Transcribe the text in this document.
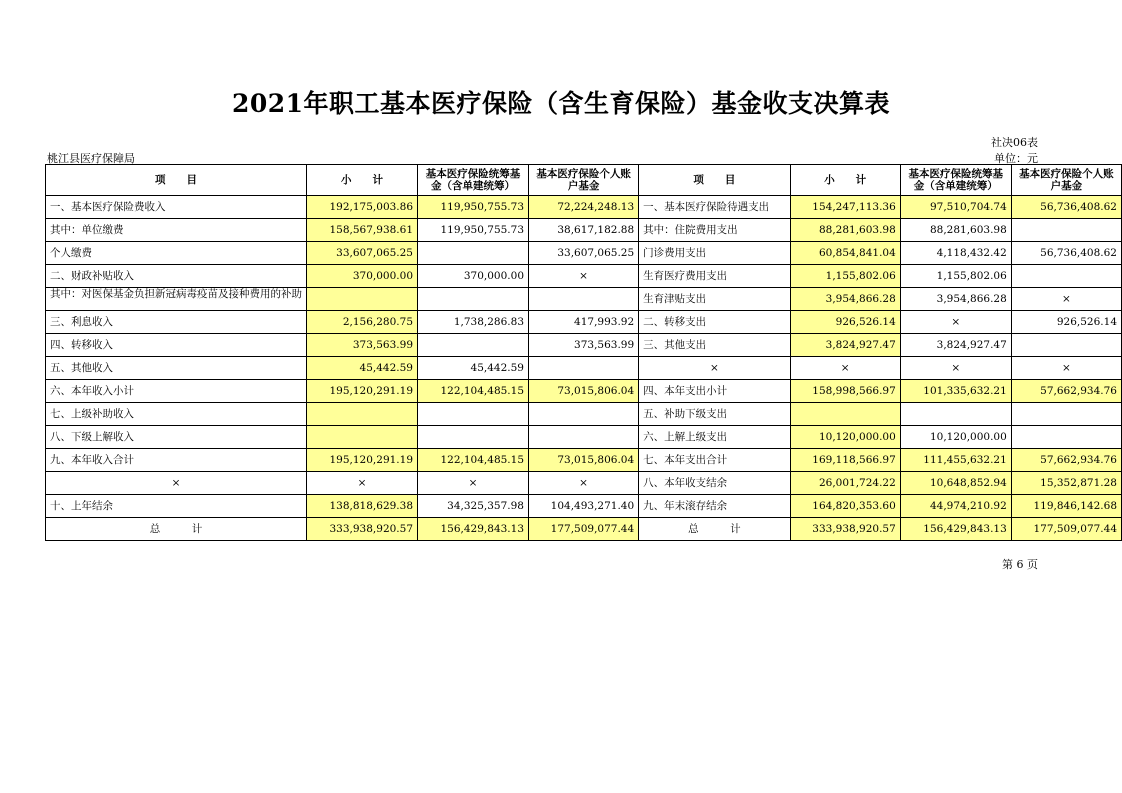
2021年职工基本医疗保险（含生育保险）基金收支决算表
社决06表
桃江县医疗保障局	单位：元
项　　目	小　　计	基本医疗保险统筹基金（含单建统筹）	基本医疗保险个人账户基金	项　　目	小　　计	基本医疗保险统筹基金（含单建统筹）	基本医疗保险个人账户基金
一、基本医疗保险费收入	192,175,003.86	119,950,755.73	72,224,248.13	一、基本医疗保险待遇支出	154,247,113.36	97,510,704.74	56,736,408.62
其中：单位缴费	158,567,938.61	119,950,755.73	38,617,182.88	其中：住院费用支出	88,281,603.98	88,281,603.98	
个人缴费	33,607,065.25		33,607,065.25	门诊费用支出	60,854,841.04	4,118,432.42	56,736,408.62
二、财政补贴收入	370,000.00	370,000.00	×	生育医疗费用支出	1,155,802.06	1,155,802.06	
其中：对医保基金负担新冠病毒疫苗及接种费用的补助				生育津贴支出	3,954,866.28	3,954,866.28	×
三、利息收入	2,156,280.75	1,738,286.83	417,993.92	二、转移支出	926,526.14	×	926,526.14
四、转移收入	373,563.99		373,563.99	三、其他支出	3,824,927.47	3,824,927.47	
五、其他收入	45,442.59	45,442.59		×	×	×	×
六、本年收入小计	195,120,291.19	122,104,485.15	73,015,806.04	四、本年支出小计	158,998,566.97	101,335,632.21	57,662,934.76
七、上级补助收入				五、补助下级支出			
八、下级上解收入				六、上解上级支出	10,120,000.00	10,120,000.00	
九、本年收入合计	195,120,291.19	122,104,485.15	73,015,806.04	七、本年支出合计	169,118,566.97	111,455,632.21	57,662,934.76
×	×	×	×	八、本年收支结余	26,001,724.22	10,648,852.94	15,352,871.28
十、上年结余	138,818,629.38	34,325,357.98	104,493,271.40	九、年末滚存结余	164,820,353.60	44,974,210.92	119,846,142.68
总　　　计	333,938,920.57	156,429,843.13	177,509,077.44	总　　　计	333,938,920.57	156,429,843.13	177,509,077.44
第 6 页
